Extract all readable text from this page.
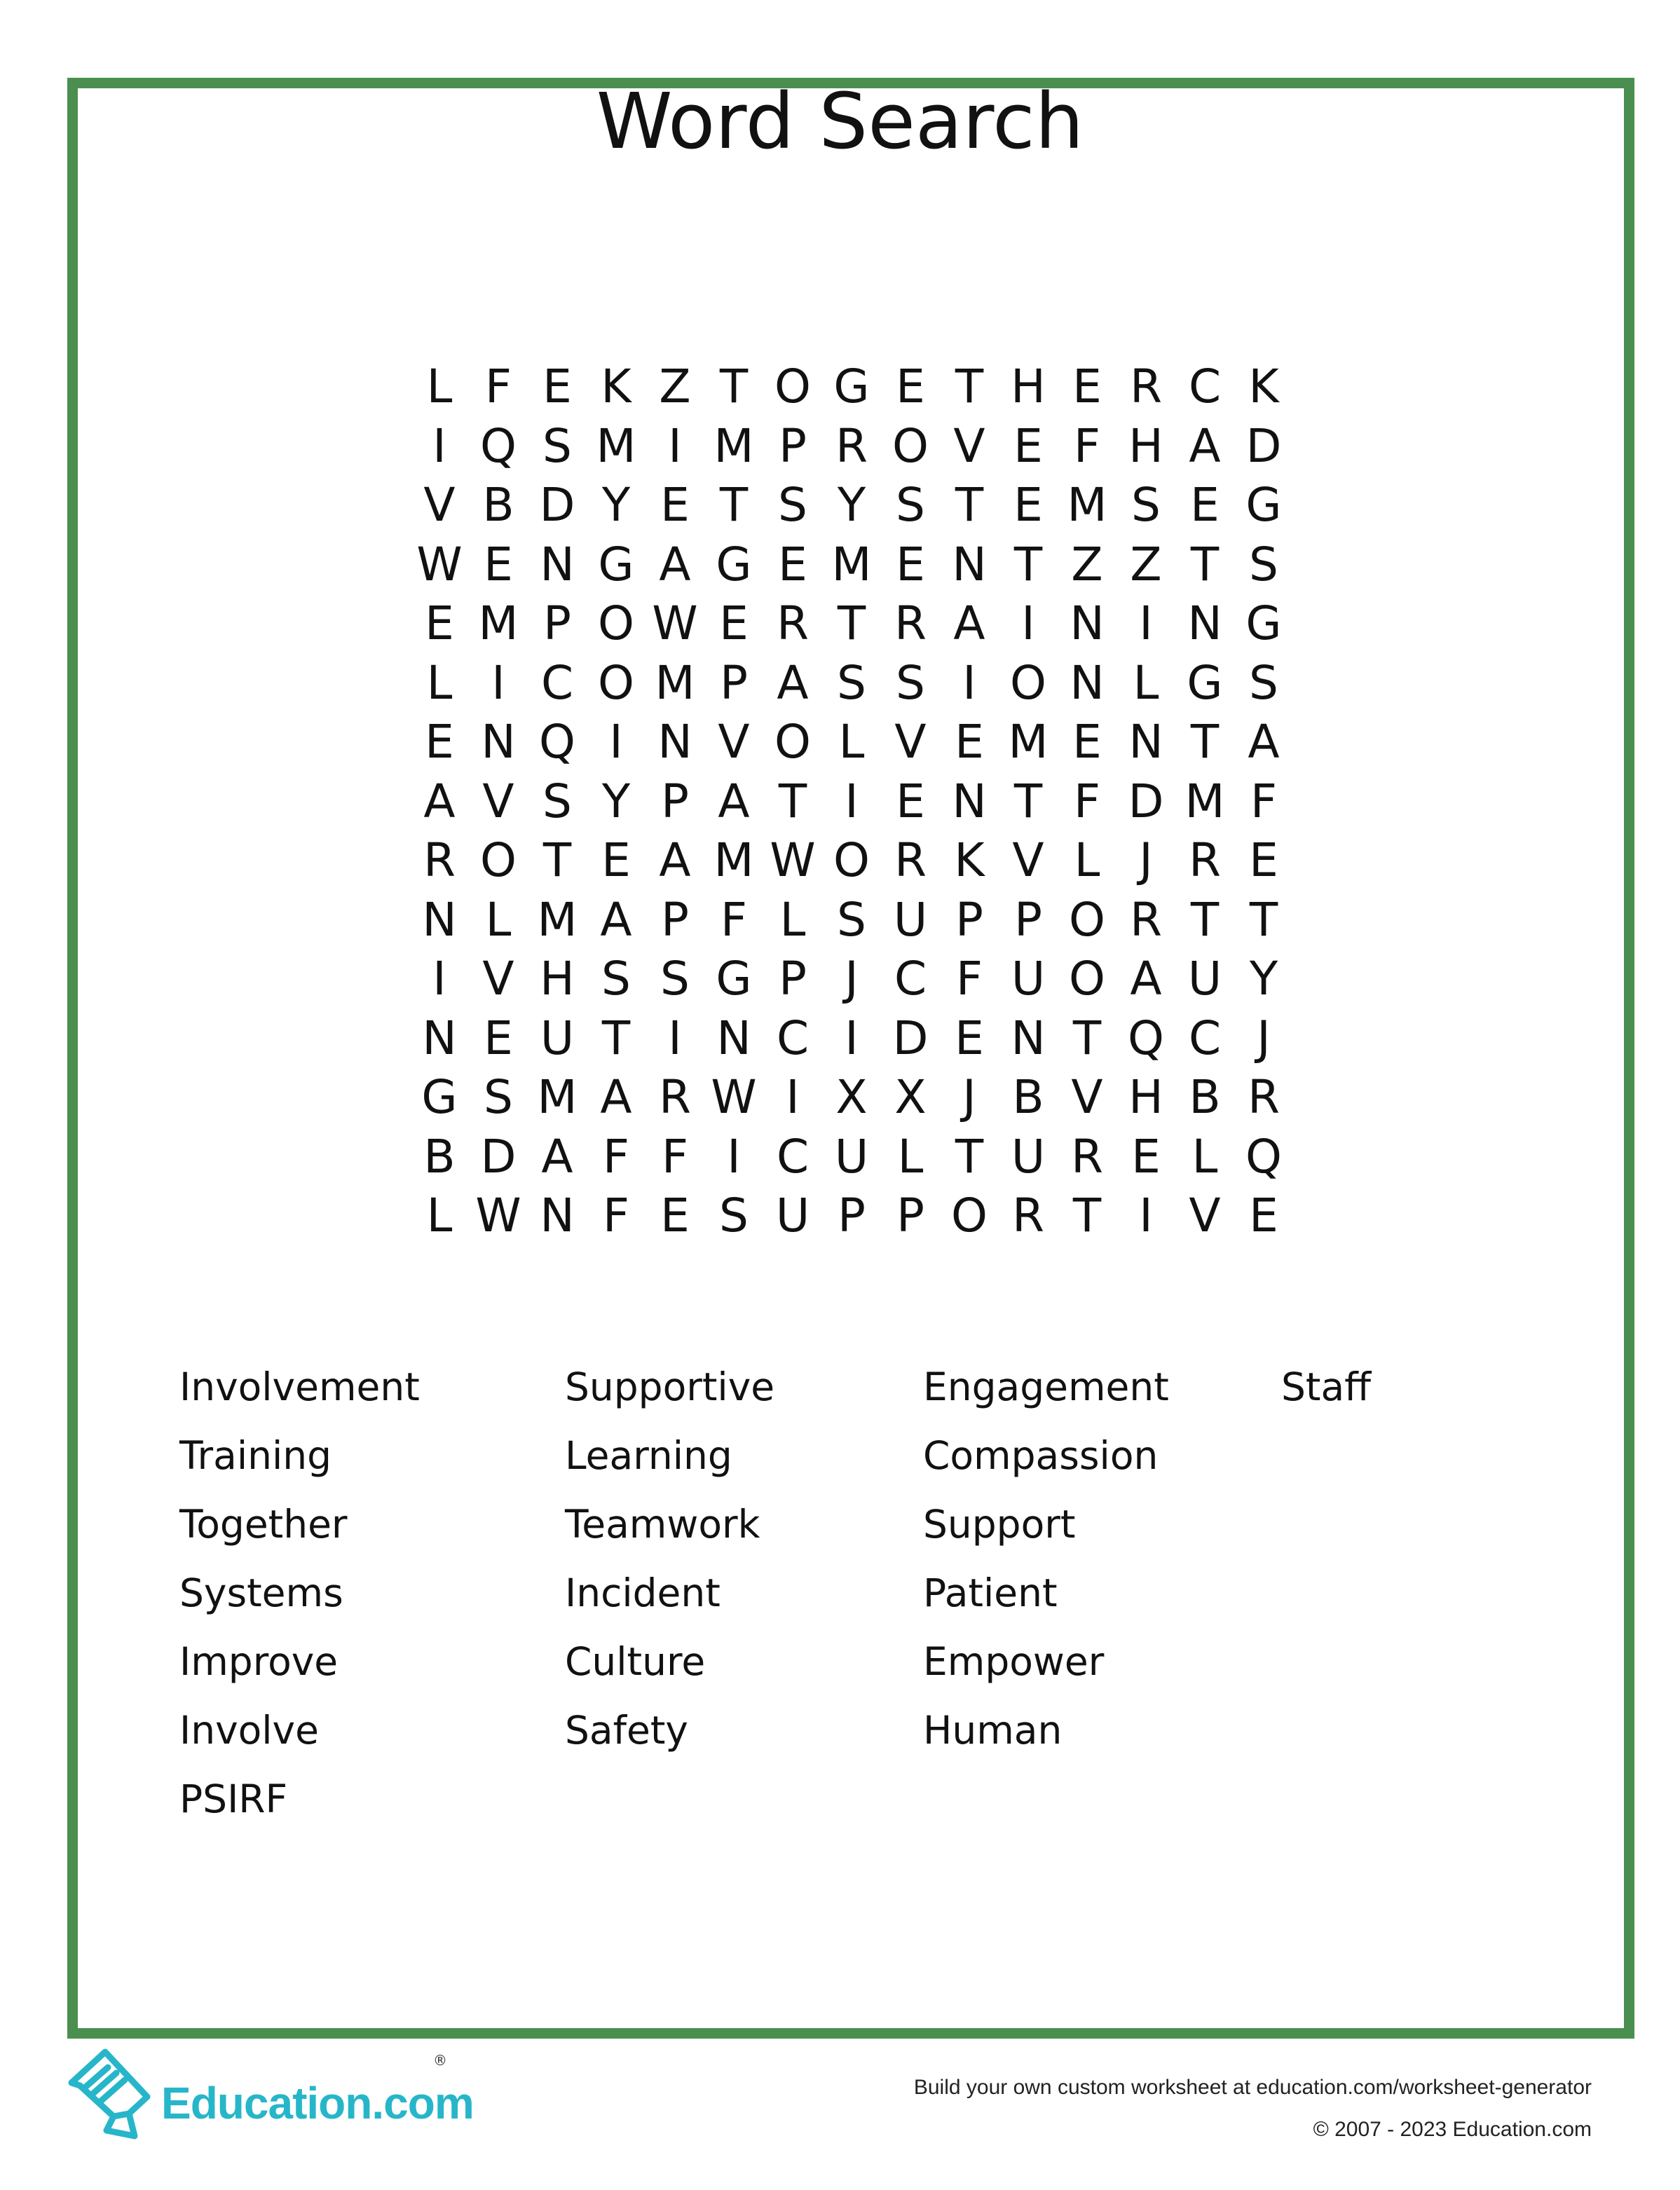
Word Search
L F E K Z T O G E T H E R C K
I Q S M I M P R O V E F H A D
V B D Y E T S Y S T E M S E G
W E N G A G E M E N T Z Z T S
E M P O W E R T R A I N I N G
L I C O M P A S S I O N L G S
E N Q I N V O L V E M E N T A
A V S Y P A T I E N T F D M F
R O T E A M W O R K V L J R E
N L M A P F L S U P P O R T T
I V H S S G P J C F U O A U Y
N E U T I N C I D E N T Q C J
G S M A R W I X X J B V H B R
B D A F F I C U L T U R E L Q
L W N F E S U P P O R T I V E
Involvement
Training
Together
Systems
Improve
Involve
PSIRF
Supportive
Learning
Teamwork
Incident
Culture
Safety
Engagement
Compassion
Support
Patient
Empower
Human
Staff
Education.com
®
Build your own custom worksheet at education.com/worksheet-generator
© 2007 - 2023 Education.com
